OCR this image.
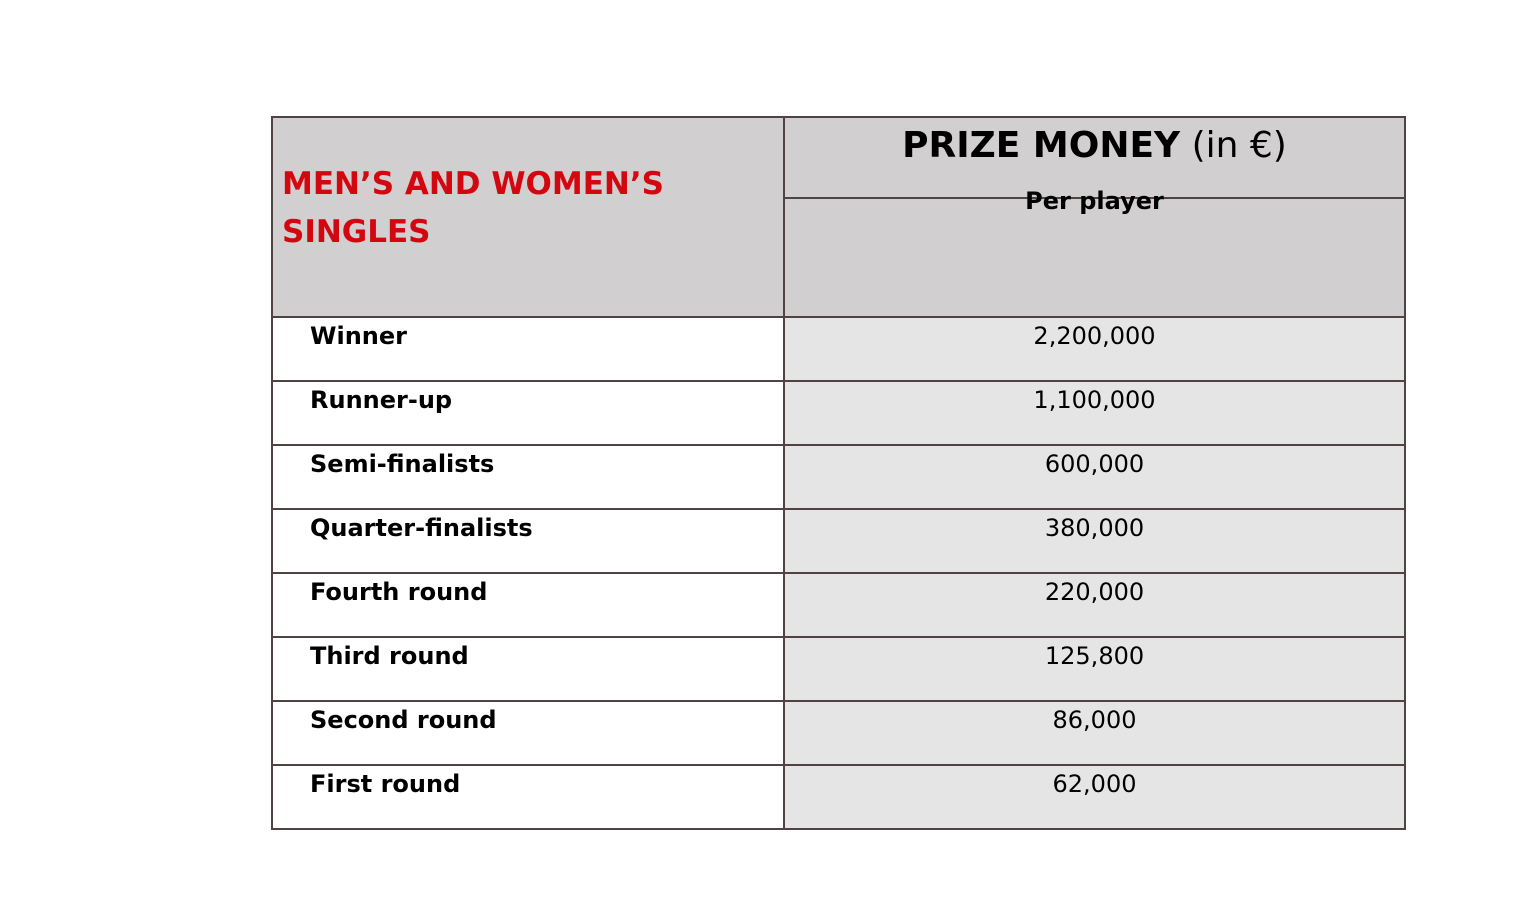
MEN’S AND WOMEN’S SINGLES	PRIZE MONEY (in €)

	Per player

Winner	2,200,000

Runner-up	1,100,000

Semi-finalists	600,000

Quarter-finalists	380,000

Fourth round	220,000

Third round	125,800

Second round	86,000

First round	62,000
